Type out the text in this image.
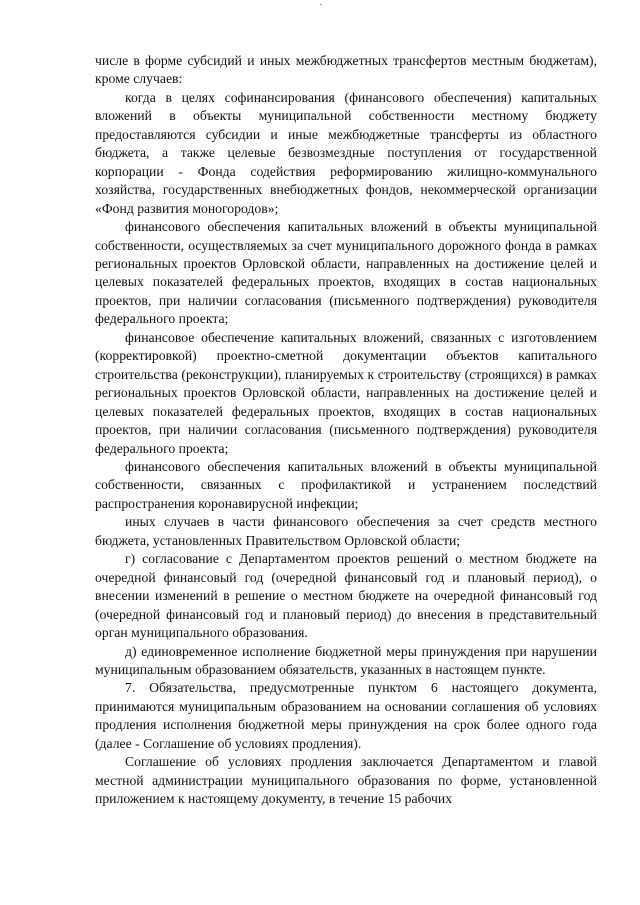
числе в форме субсидий и иных межбюджетных трансфертов местным бюджетам), кроме случаев:

когда в целях софинансирования (финансового обеспечения) капитальных вложений в объекты муниципальной собственности местному бюджету предоставляются субсидии и иные межбюджетные трансферты из областного бюджета, а также целевые безвозмездные поступления от государственной корпорации - Фонда содействия реформированию жилищно-коммунального хозяйства, государственных внебюджетных фондов, некоммерческой организации «Фонд развития моногородов»;

финансового обеспечения капитальных вложений в объекты муниципальной собственности, осуществляемых за счет муниципального дорожного фонда в рамках региональных проектов Орловской области, направленных на достижение целей и целевых показателей федеральных проектов, входящих в состав национальных проектов, при наличии согласования (письменного подтверждения) руководителя федерального проекта;

финансовое обеспечение капитальных вложений, связанных с изготовлением (корректировкой) проектно-сметной документации объектов капитального строительства (реконструкции), планируемых к строительству (строящихся) в рамках региональных проектов Орловской области, направленных на достижение целей и целевых показателей федеральных проектов, входящих в состав национальных проектов, при наличии согласования (письменного подтверждения) руководителя федерального проекта;

финансового обеспечения капитальных вложений в объекты муниципальной собственности, связанных с профилактикой и устранением последствий распространения коронавирусной инфекции;

иных случаев в части финансового обеспечения за счет средств местного бюджета, установленных Правительством Орловской области;

г) согласование с Департаментом проектов решений о местном бюджете на очередной финансовый год (очередной финансовый год и плановый период), о внесении изменений в решение о местном бюджете на очередной финансовый год (очередной финансовый год и плановый период) до внесения в представительный орган муниципального образования.

д) единовременное исполнение бюджетной меры принуждения при нарушении муниципальным образованием обязательств, указанных в настоящем пункте.

7. Обязательства, предусмотренные пунктом 6 настоящего документа, принимаются муниципальным образованием на основании соглашения об условиях продления исполнения бюджетной меры принуждения на срок более одного года (далее - Соглашение об условиях продления).

Соглашение об условиях продления заключается Департаментом и главой местной администрации муниципального образования по форме, установленной приложением к настоящему документу, в течение 15 рабочих
